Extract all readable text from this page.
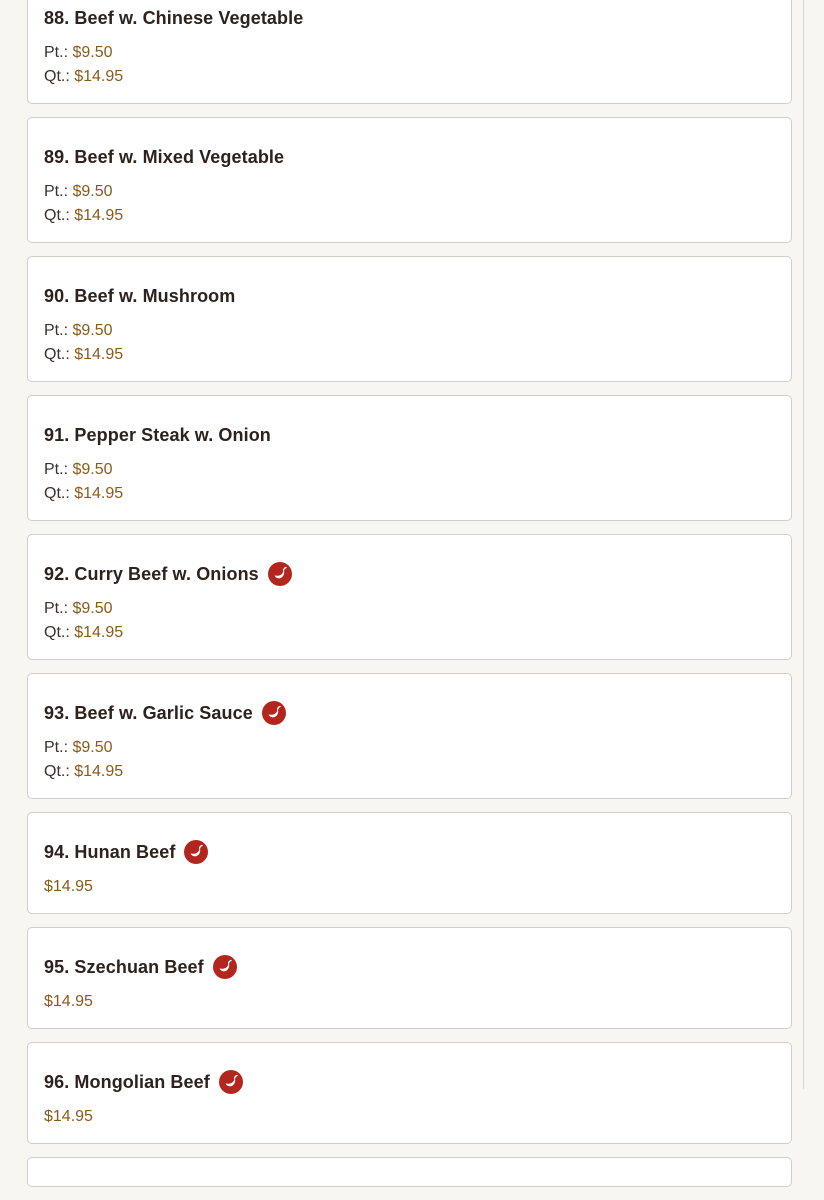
88. Beef w. Chinese Vegetable
Pt.: $9.50
Qt.: $14.95
89. Beef w. Mixed Vegetable
Pt.: $9.50
Qt.: $14.95
90. Beef w. Mushroom
Pt.: $9.50
Qt.: $14.95
91. Pepper Steak w. Onion
Pt.: $9.50
Qt.: $14.95
92. Curry Beef w. Onions
Pt.: $9.50
Qt.: $14.95
93. Beef w. Garlic Sauce
Pt.: $9.50
Qt.: $14.95
94. Hunan Beef
$14.95
95. Szechuan Beef
$14.95
96. Mongolian Beef
$14.95
